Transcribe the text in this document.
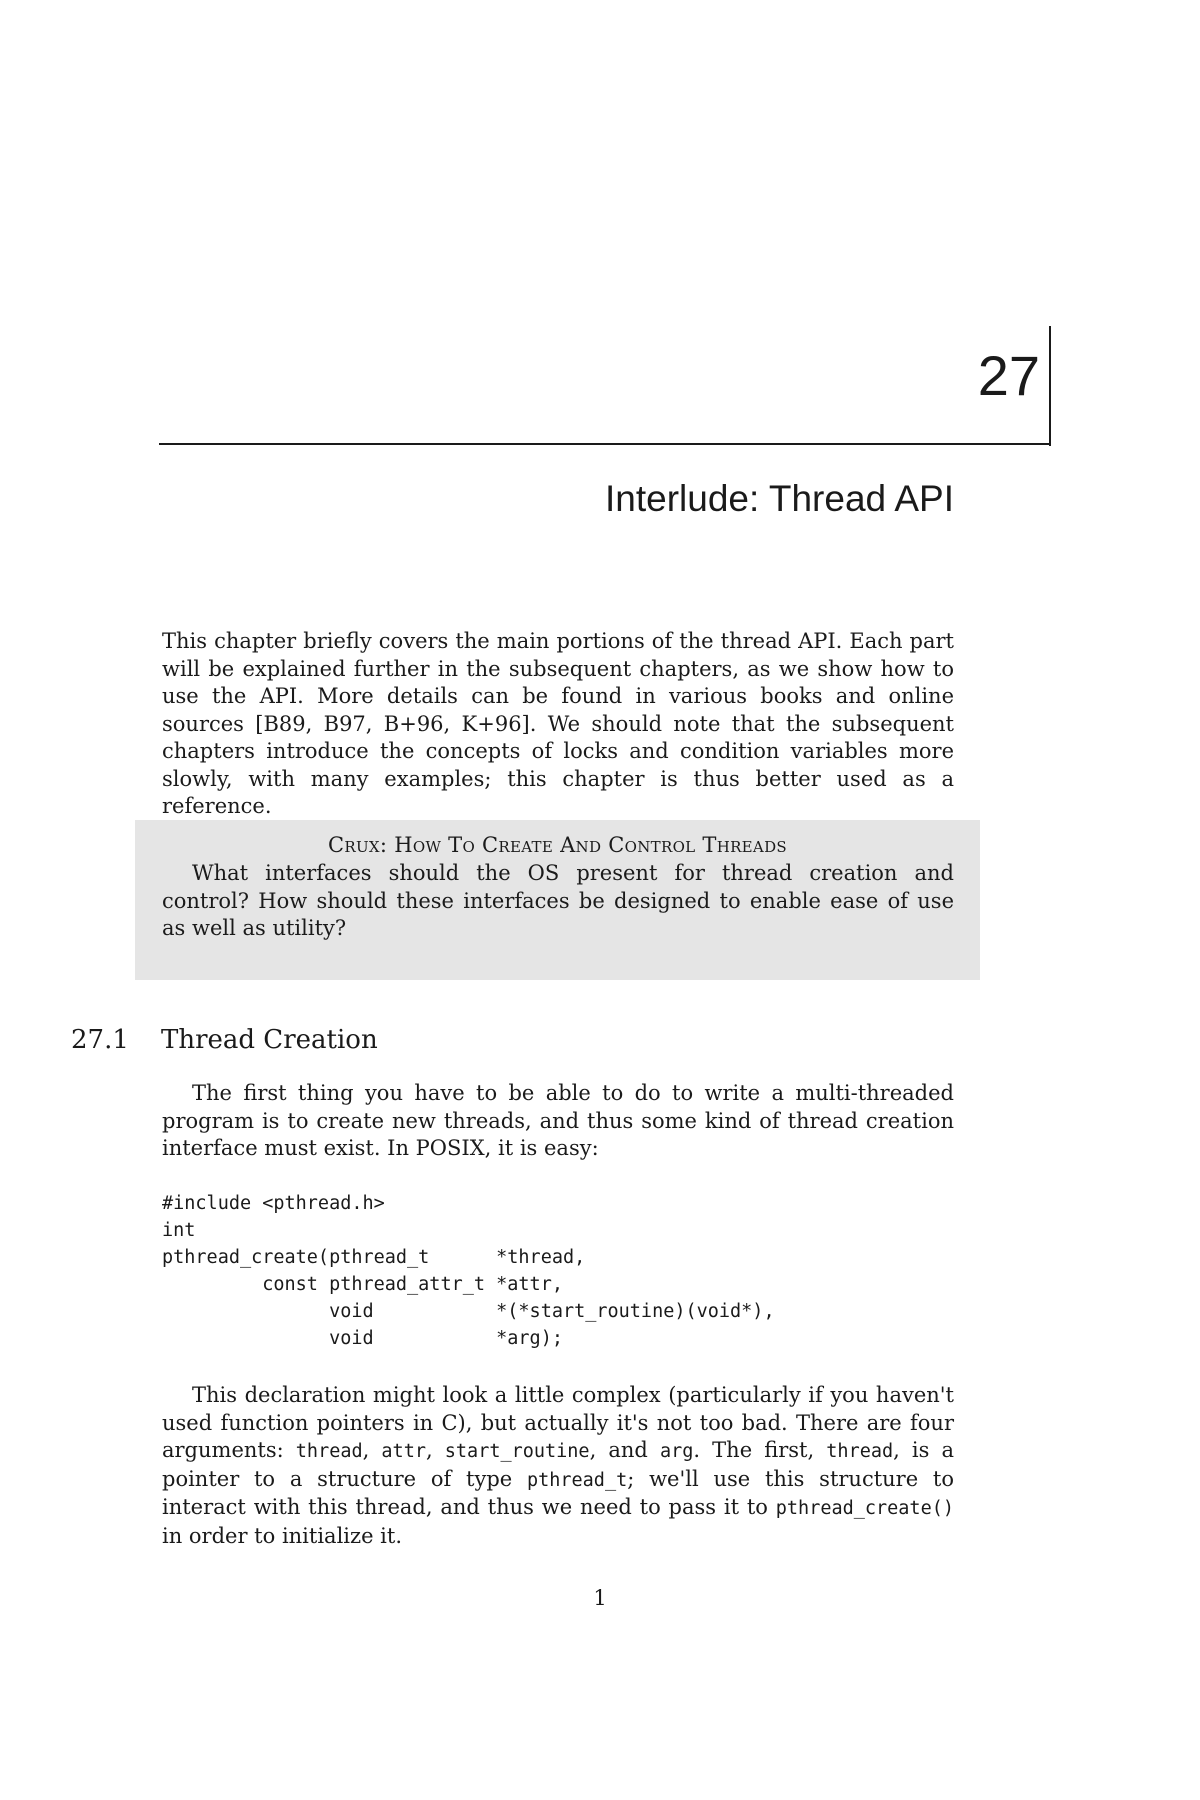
27
Interlude: Thread API

This chapter briefly covers the main portions of the thread API. Each part will be explained further in the subsequent chapters, as we show how to use the API. More details can be found in various books and online sources [B89, B97, B+96, K+96]. We should note that the subsequent chapters introduce the concepts of locks and condition variables more slowly, with many examples; this chapter is thus better used as a reference.

Crux: How To Create And Control Threads
What interfaces should the OS present for thread creation and control? How should these interfaces be designed to enable ease of use as well as utility?
27.1 Thread Creation

The first thing you have to be able to do to write a multi-threaded program is to create new threads, and thus some kind of thread creation interface must exist. In POSIX, it is easy:

#include <pthread.h>
int
pthread_create(pthread_t      *thread,
const pthread_attr_t *attr,
void           *(*start_routine)(void*),
void           *arg);

This declaration might look a little complex (particularly if you haven't used function pointers in C), but actually it's not too bad. There are four arguments: thread, attr, start_routine, and arg. The first, thread, is a pointer to a structure of type pthread_t; we'll use this structure to interact with this thread, and thus we need to pass it to pthread_create() in order to initialize it.

1
